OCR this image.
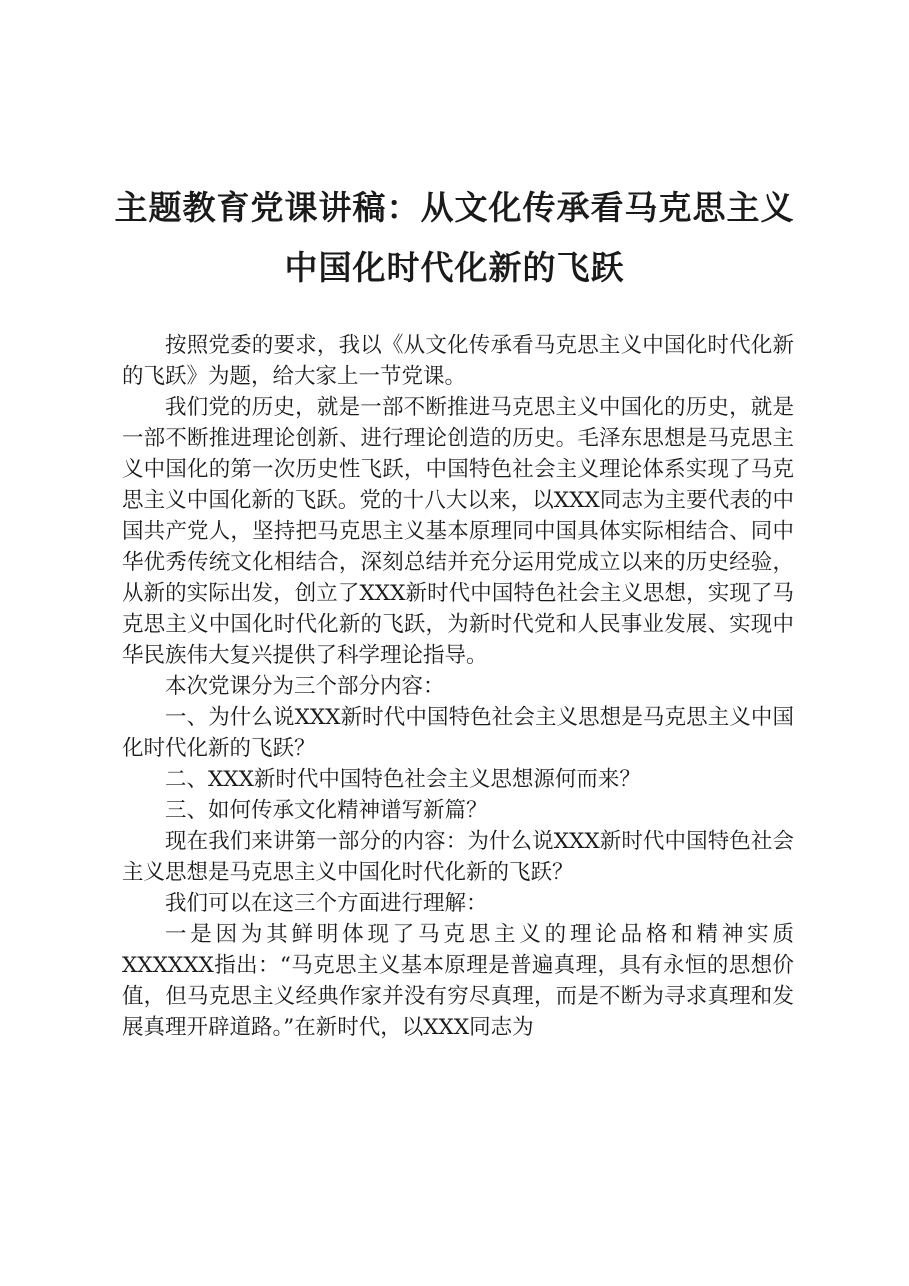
主题教育党课讲稿：从文化传承看马克思主义
中国化时代化新的飞跃

按照党委的要求，我以《从文化传承看马克思主义中国化时代化新的飞跃》为题，给大家上一节党课。

我们党的历史，就是一部不断推进马克思主义中国化的历史，就是一部不断推进理论创新、进行理论创造的历史。毛泽东思想是马克思主义中国化的第一次历史性飞跃，中国特色社会主义理论体系实现了马克思主义中国化新的飞跃。党的十八大以来，以XXX同志为主要代表的中国共产党人，坚持把马克思主义基本原理同中国具体实际相结合、同中华优秀传统文化相结合，深刻总结并充分运用党成立以来的历史经验，从新的实际出发，创立了XXX新时代中国特色社会主义思想，实现了马克思主义中国化时代化新的飞跃，为新时代党和人民事业发展、实现中华民族伟大复兴提供了科学理论指导。

本次党课分为三个部分内容：

一、为什么说XXX新时代中国特色社会主义思想是马克思主义中国化时代化新的飞跃？

二、XXX新时代中国特色社会主义思想源何而来？

三、如何传承文化精神谱写新篇？

现在我们来讲第一部分的内容：为什么说XXX新时代中国特色社会主义思想是马克思主义中国化时代化新的飞跃？

我们可以在这三个方面进行理解：

一是因为其鲜明体现了马克思主义的理论品格和精神实质XXXXXX指出：“马克思主义基本原理是普遍真理，具有永恒的思想价值，但马克思主义经典作家并没有穷尽真理，而是不断为寻求真理和发展真理开辟道路。”在新时代，以XXX同志为
